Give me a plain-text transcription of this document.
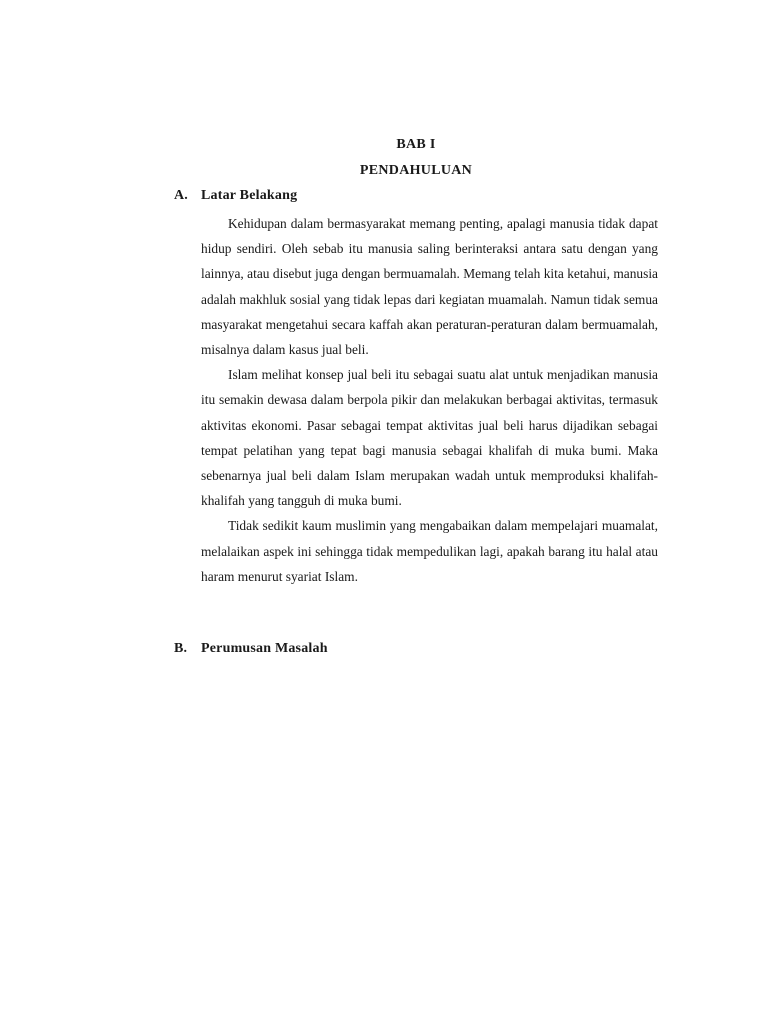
BAB I
PENDAHULUAN
A. Latar Belakang

Kehidupan dalam bermasyarakat memang penting, apalagi manusia tidak dapat hidup sendiri. Oleh sebab itu manusia saling berinteraksi antara satu dengan yang lainnya, atau disebut juga dengan bermuamalah. Memang telah kita ketahui, manusia adalah makhluk sosial yang tidak lepas dari kegiatan muamalah. Namun tidak semua masyarakat mengetahui secara kaffah akan peraturan-peraturan dalam bermuamalah, misalnya dalam kasus jual beli.

Islam melihat konsep jual beli itu sebagai suatu alat untuk menjadikan manusia itu semakin dewasa dalam berpola pikir dan melakukan berbagai aktivitas, termasuk aktivitas ekonomi. Pasar sebagai tempat aktivitas jual beli harus dijadikan sebagai tempat pelatihan yang tepat bagi manusia sebagai khalifah di muka bumi. Maka sebenarnya jual beli dalam Islam merupakan wadah untuk memproduksi khalifah-khalifah yang tangguh di muka bumi.

Tidak sedikit kaum muslimin yang mengabaikan dalam mempelajari muamalat, melalaikan aspek ini sehingga tidak mempedulikan lagi, apakah barang itu halal atau haram menurut syariat Islam.

B. Perumusan Masalah
